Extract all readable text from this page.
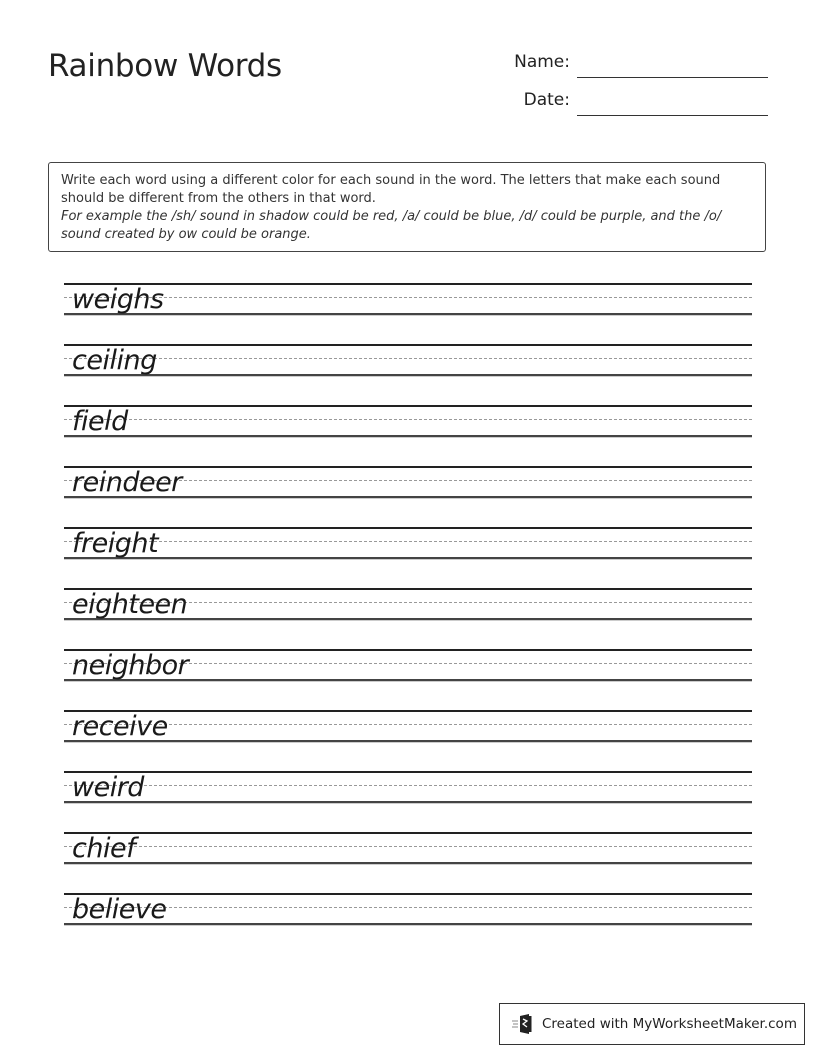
Rainbow Words	Name:
Date:
Write each word using a different color for each sound in the word. The letters that make each sound should be different from the others in that word.
For example the /sh/ sound in shadow could be red, /a/ could be blue, /d/ could be purple, and the /o/ sound created by ow could be orange.
weighs
ceiling
field
reindeer
freight
eighteen
neighbor
receive
weird
chief
believe
Created with MyWorksheetMaker.com
